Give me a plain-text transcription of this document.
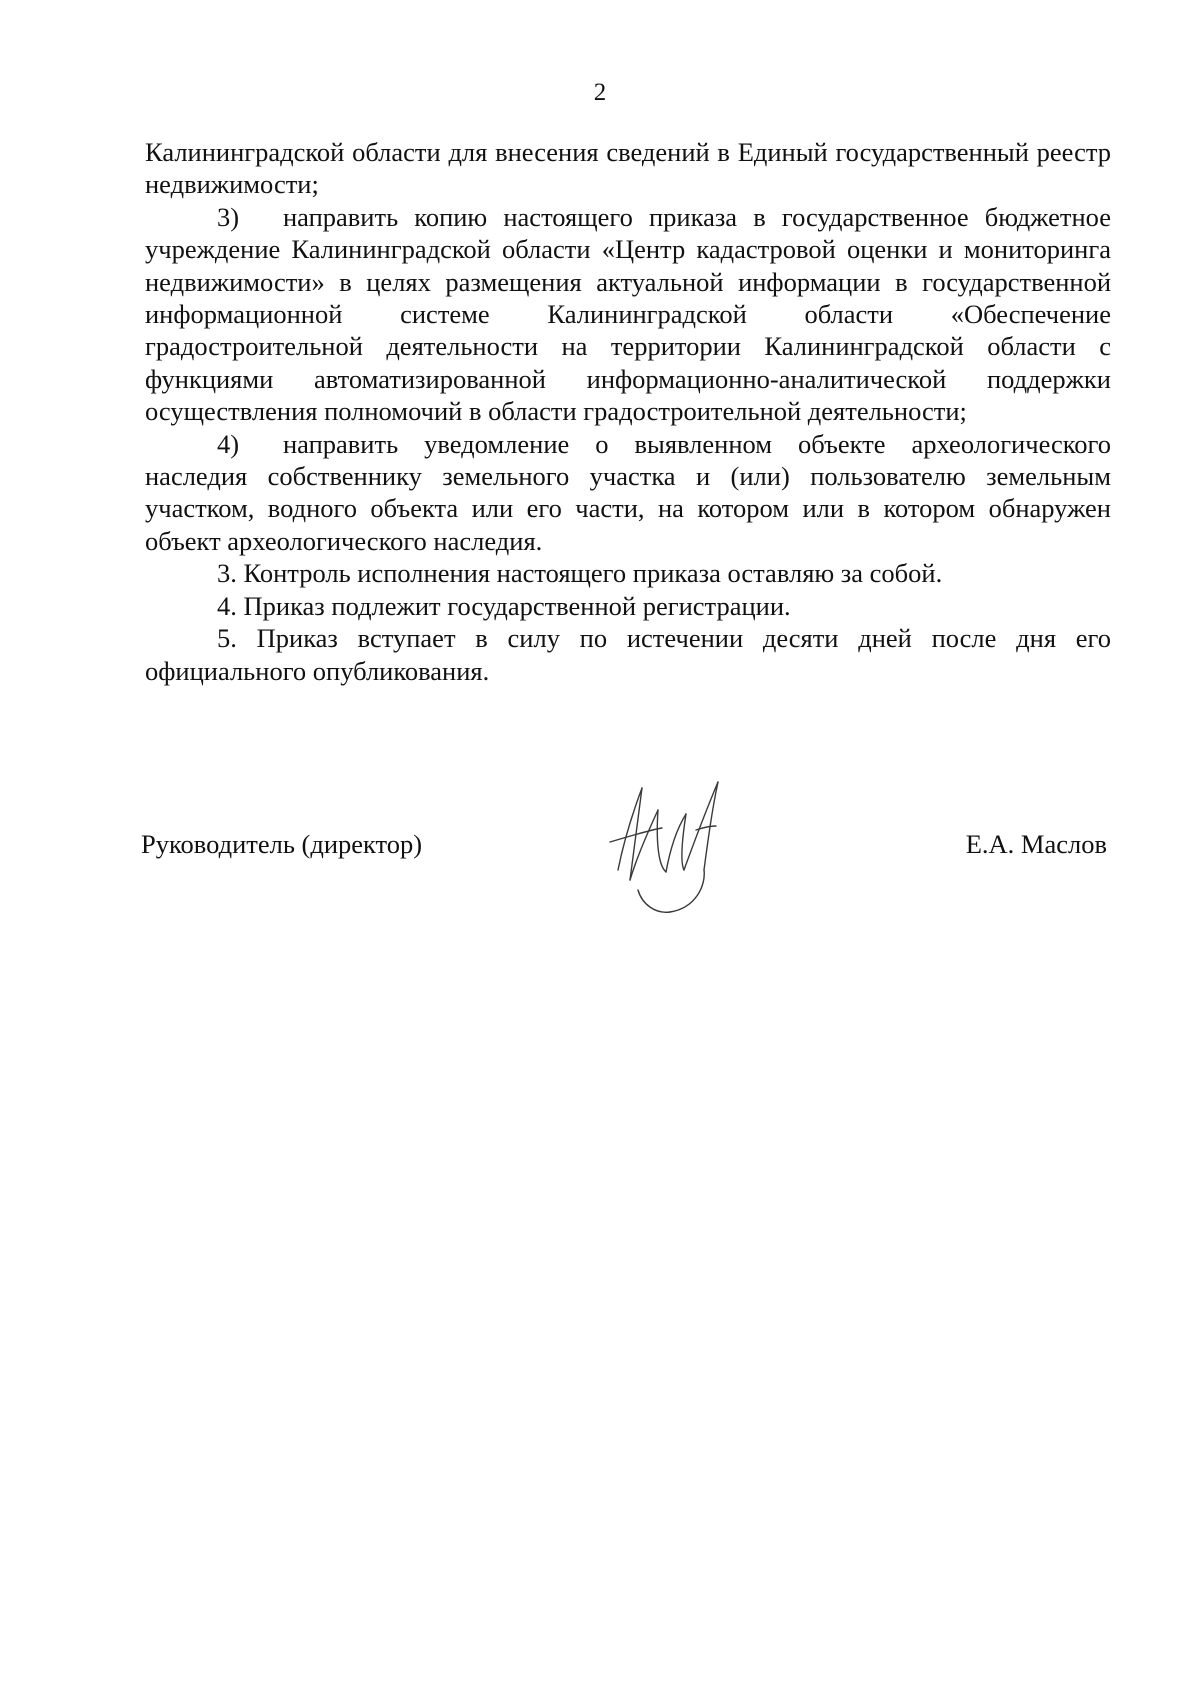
2

Калининградской области для внесения сведений в Единый государственный реестр недвижимости;

3) направить копию настоящего приказа в государственное бюджетное учреждение Калининградской области «Центр кадастровой оценки и мониторинга недвижимости» в целях размещения актуальной информации в государственной информационной системе Калининградской области «Обеспечение градостроительной деятельности на территории Калининградской области с функциями автоматизированной информационно-аналитической поддержки осуществления полномочий в области градостроительной деятельности;

4) направить уведомление о выявленном объекте археологического наследия собственнику земельного участка и (или) пользователю земельным участком, водного объекта или его части, на котором или в котором обнаружен объект археологического наследия.

3. Контроль исполнения настоящего приказа оставляю за собой.

4. Приказ подлежит государственной регистрации.

5. Приказ вступает в силу по истечении десяти дней после дня его официального опубликования.

Руководитель (директор)	Е.А. Маслов
